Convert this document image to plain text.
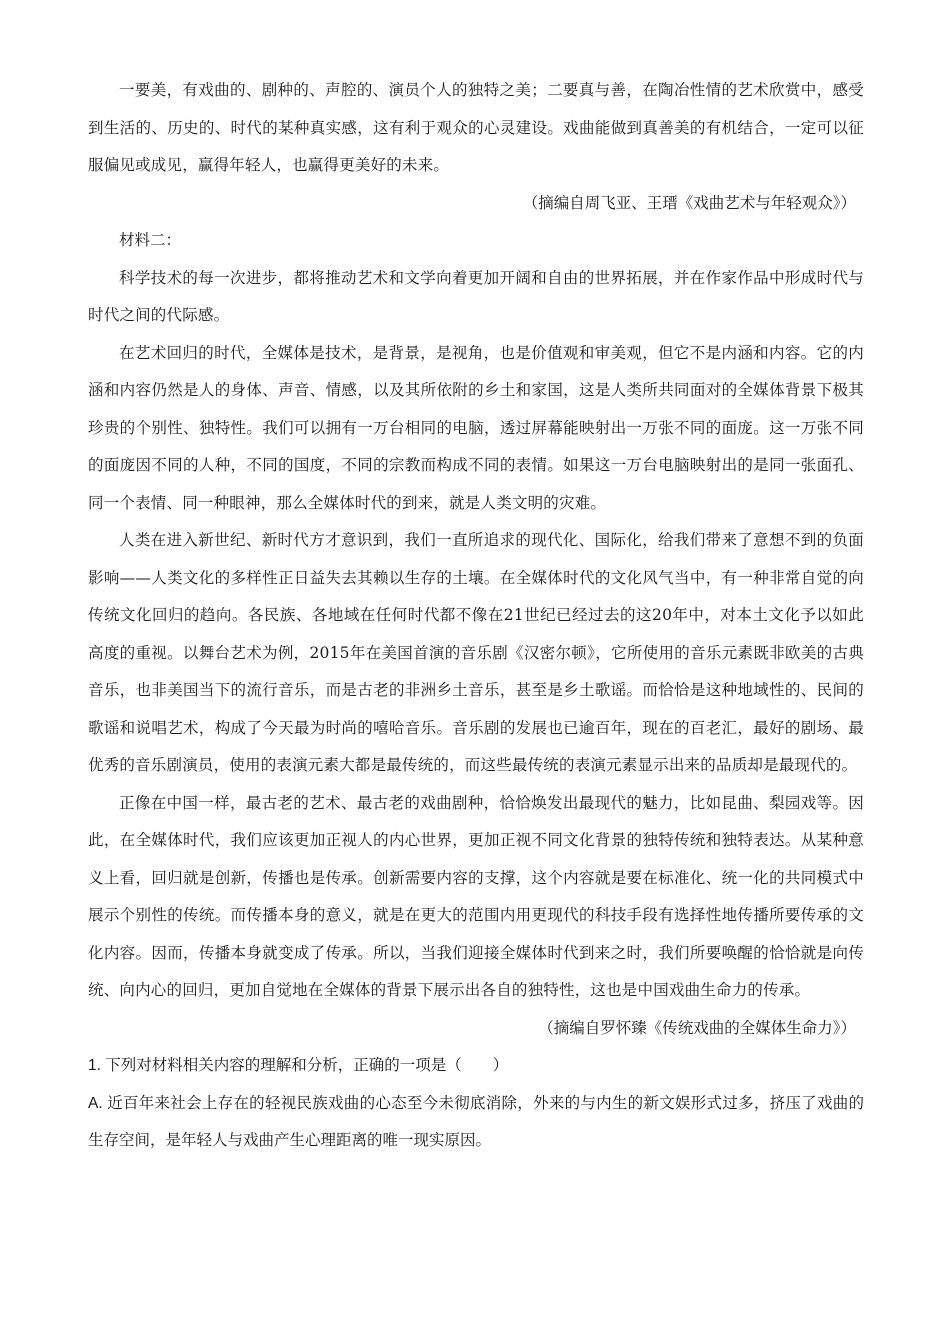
一要美，有戏曲的、剧种的、声腔的、演员个人的独特之美；二要真与善，在陶冶性情的艺术欣赏中，感受到生活的、历史的、时代的某种真实感，这有利于观众的心灵建设。戏曲能做到真善美的有机结合，一定可以征服偏见或成见，赢得年轻人，也赢得更美好的未来。

（摘编自周飞亚、王瑨《戏曲艺术与年轻观众》）

材料二：

科学技术的每一次进步，都将推动艺术和文学向着更加开阔和自由的世界拓展，并在作家作品中形成时代与时代之间的代际感。

在艺术回归的时代，全媒体是技术，是背景，是视角，也是价值观和审美观，但它不是内涵和内容。它的内涵和内容仍然是人的身体、声音、情感，以及其所依附的乡土和家国，这是人类所共同面对的全媒体背景下极其珍贵的个别性、独特性。我们可以拥有一万台相同的电脑，透过屏幕能映射出一万张不同的面庞。这一万张不同的面庞因不同的人种，不同的国度，不同的宗教而构成不同的表情。如果这一万台电脑映射出的是同一张面孔、同一个表情、同一种眼神，那么全媒体时代的到来，就是人类文明的灾难。

人类在进入新世纪、新时代方才意识到，我们一直所追求的现代化、国际化，给我们带来了意想不到的负面影响——人类文化的多样性正日益失去其赖以生存的土壤。在全媒体时代的文化风气当中，有一种非常自觉的向传统文化回归的趋向。各民族、各地域在任何时代都不像在21世纪已经过去的这20年中，对本土文化予以如此高度的重视。以舞台艺术为例，2015年在美国首演的音乐剧《汉密尔顿》，它所使用的音乐元素既非欧美的古典音乐，也非美国当下的流行音乐，而是古老的非洲乡土音乐，甚至是乡土歌谣。而恰恰是这种地域性的、民间的歌谣和说唱艺术，构成了今天最为时尚的嘻哈音乐。音乐剧的发展也已逾百年，现在的百老汇，最好的剧场、最优秀的音乐剧演员，使用的表演元素大都是最传统的，而这些最传统的表演元素显示出来的品质却是最现代的。

正像在中国一样，最古老的艺术、最古老的戏曲剧种，恰恰焕发出最现代的魅力，比如昆曲、梨园戏等。因此，在全媒体时代，我们应该更加正视人的内心世界，更加正视不同文化背景的独特传统和独特表达。从某种意义上看，回归就是创新，传播也是传承。创新需要内容的支撑，这个内容就是要在标准化、统一化的共同模式中展示个别性的传统。而传播本身的意义，就是在更大的范围内用更现代的科技手段有选择性地传播所要传承的文化内容。因而，传播本身就变成了传承。所以，当我们迎接全媒体时代到来之时，我们所要唤醒的恰恰就是向传统、向内心的回归，更加自觉地在全媒体的背景下展示出各自的独特性，这也是中国戏曲生命力的传承。

（摘编自罗怀臻《传统戏曲的全媒体生命力》）

1. 下列对材料相关内容的理解和分析，正确的一项是（　　）

A. 近百年来社会上存在的轻视民族戏曲的心态至今未彻底消除，外来的与内生的新文娱形式过多，挤压了戏曲的生存空间，是年轻人与戏曲产生心理距离的唯一现实原因。
